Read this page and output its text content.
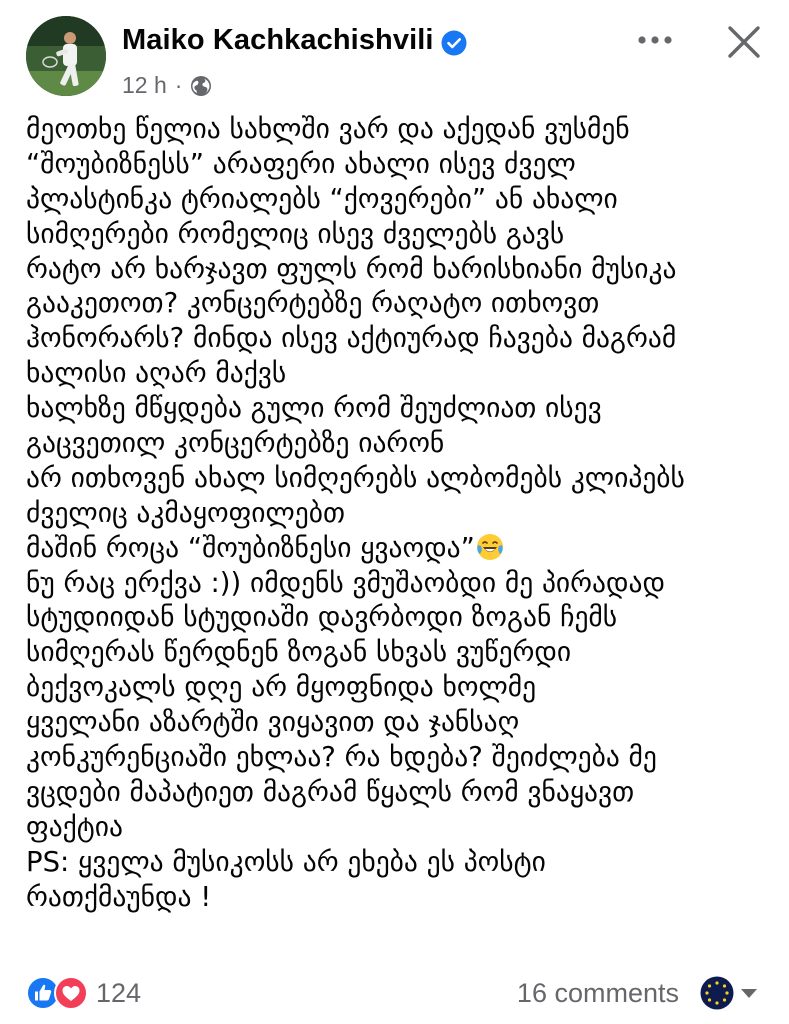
Maiko Kachkachishvili
12 h ·
მეოთხე წელია სახლში ვარ და აქედან ვუსმენ
“შოუბიზნესს” არაფერი ახალი ისევ ძველ
პლასტინკა ტრიალებს “ქოვერები” ან ახალი
სიმღერები რომელიც ისევ ძველებს გავს
რატო არ ხარჯავთ ფულს რომ ხარისხიანი მუსიკა
გააკეთოთ? კონცერტებზე რაღატო ითხოვთ
ჰონორარს? მინდა ისევ აქტიურად ჩავება მაგრამ
ხალისი აღარ მაქვს
ხალხზე მწყდება გული რომ შეუძლიათ ისევ
გაცვეთილ კონცერტებზე იარონ
არ ითხოვენ ახალ სიმღერებს ალბომებს კლიპებს
ძველიც აკმაყოფილებთ
მაშინ როცა “შოუბიზნესი ყვაოდა”
ნუ რაც ერქვა :)) იმდენს ვმუშაობდი მე პირადად
სტუდიიდან სტუდიაში დავრბოდი ზოგან ჩემს
სიმღერას წერდნენ ზოგან სხვას ვუწერდი
ბექვოკალს დღე არ მყოფნიდა ხოლმე
ყველანი აზარტში ვიყავით და ჯანსაღ
კონკურენციაში ეხლაა? რა ხდება? შეიძლება მე
ვცდები მაპატიეთ მაგრამ წყალს რომ ვნაყავთ
ფაქტია
PS: ყველა მუსიკოსს არ ეხება ეს პოსტი
რათქმაუნდა !
124	16 comments
